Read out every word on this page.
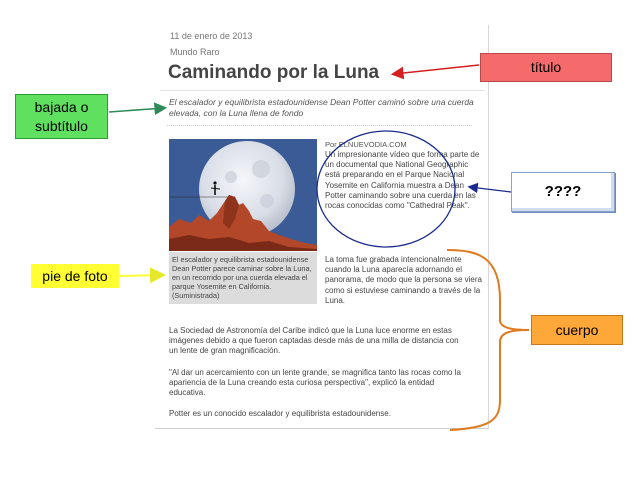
11 de enero de 2013
Mundo Raro
Caminando por la Luna
El escalador y equilibrista estadounidense Dean Potter caminó sobre una cuerda elevada, con la Luna llena de fondo
El escalador y equilibrista estadounidense Dean Potter parece caminar sobre la Luna, en un recorrido por una cuerda elevada el parque Yosemite en California. (Suministrada)
Por ELNUEVODIA.COM
Un impresionante vídeo que forma parte de un documental que National Geographic está preparando en el Parque Nacional Yosemite en California muestra a Dean Potter caminando sobre una cuerda en las rocas conocidas como "Cathedral Peak".
La toma fue grabada intencionalmente cuando la Luna aparecía adornando el panorama, de modo que la persona se viera como si estuviese caminando a través de la Luna.
La Sociedad de Astronomía del Caribe indicó que la Luna luce enorme en estas imágenes debido a que fueron captadas desde más de una milla de distancia con un lente de gran magnificación.
"Al dar un acercamiento con un lente grande, se magnifica tanto las rocas como la apariencia de la Luna creando esta curiosa perspectiva", explicó la entidad educativa.
Potter es un conocido escalador y equilibrista estadounidense.
título
bajada o subtítulo
pie de foto
????
cuerpo
